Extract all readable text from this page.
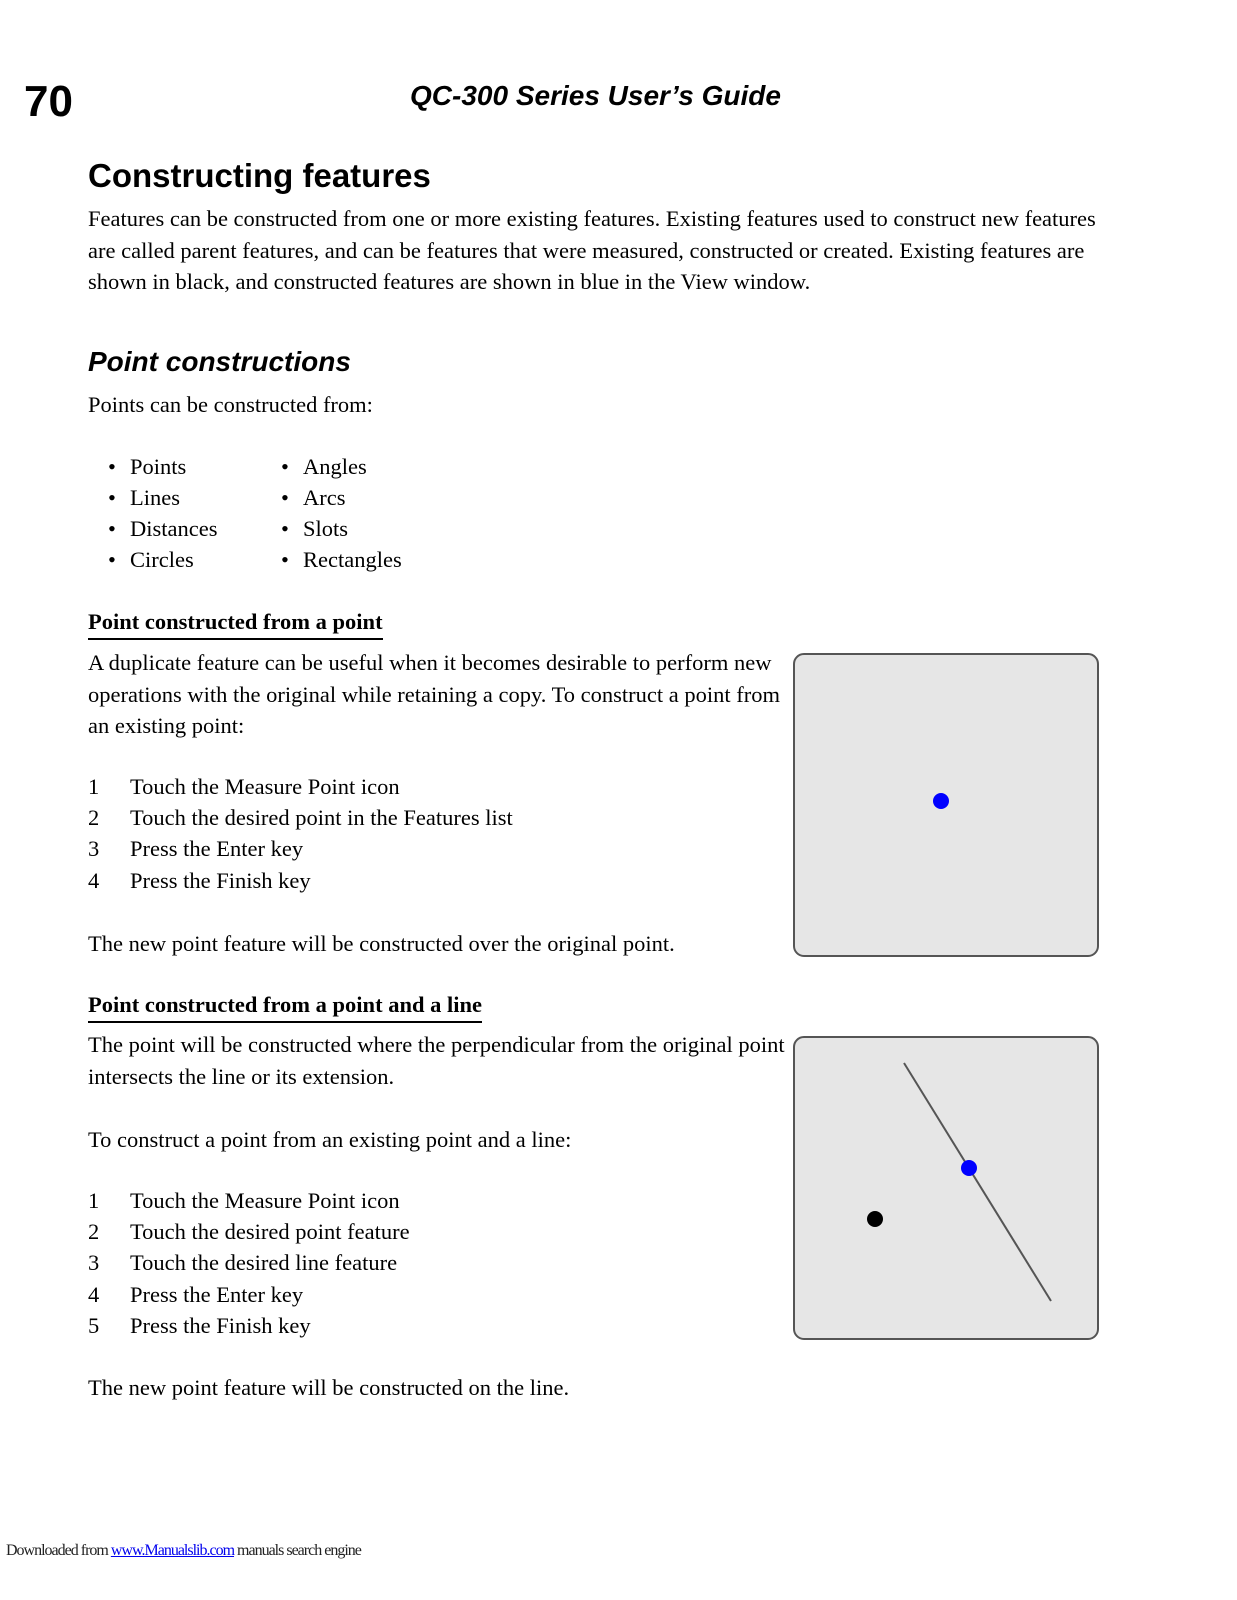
70	QC-300 Series User’s Guide
Constructing features
Features can be constructed from one or more existing features. Existing features used to construct new features are called parent features, and can be features that were measured, constructed or created. Existing features are shown in black, and constructed features are shown in blue in the View window.
Point constructions
Points can be constructed from:
• Points
• Lines
• Distances
• Circles
• Angles
• Arcs
• Slots
• Rectangles
Point constructed from a point
A duplicate feature can be useful when it becomes desirable to perform new operations with the original while retaining a copy. To construct a point from an existing point:
1 Touch the Measure Point icon
2 Touch the desired point in the Features list
3 Press the Enter key
4 Press the Finish key
The new point feature will be constructed over the original point.
Point constructed from a point and a line
The point will be constructed where the perpendicular from the original point intersects the line or its extension.
To construct a point from an existing point and a line:
1 Touch the Measure Point icon
2 Touch the desired point feature
3 Touch the desired line feature
4 Press the Enter key
5 Press the Finish key
The new point feature will be constructed on the line.
Downloaded from www.Manualslib.com manuals search engine
